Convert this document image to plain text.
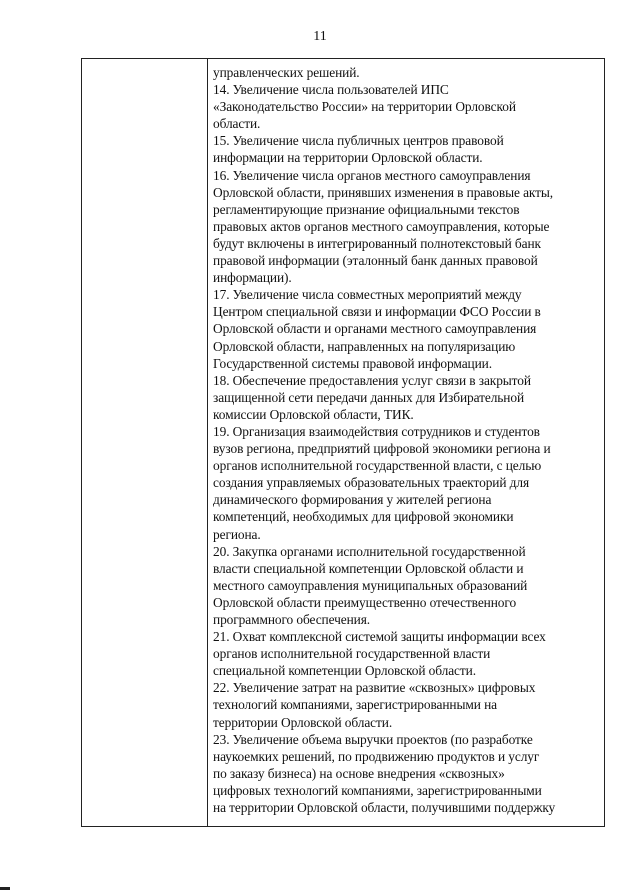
11

управленческих решений.

14. Увеличение числа пользователей ИПС
«Законодательство России» на территории Орловской
области.

15. Увеличение числа публичных центров правовой
информации на территории Орловской области.

16. Увеличение числа органов местного самоуправления
Орловской области, принявших изменения в правовые акты,
регламентирующие признание официальными текстов
правовых актов органов местного самоуправления, которые
будут включены в интегрированный полнотекстовый банк
правовой информации (эталонный банк данных правовой
информации).

17. Увеличение числа совместных мероприятий между
Центром специальной связи и информации ФСО России в
Орловской области и органами местного самоуправления
Орловской области, направленных на популяризацию
Государственной системы правовой информации.

18. Обеспечение предоставления услуг связи в закрытой
защищенной сети передачи данных для Избирательной
комиссии Орловской области, ТИК.

19. Организация взаимодействия сотрудников и студентов
вузов региона, предприятий цифровой экономики региона и
органов исполнительной государственной власти, с целью
создания управляемых образовательных траекторий для
динамического формирования у жителей региона
компетенций, необходимых для цифровой экономики
региона.

20. Закупка органами исполнительной государственной
власти специальной компетенции Орловской области и
местного самоуправления муниципальных образований
Орловской области преимущественно отечественного
программного обеспечения.

21. Охват комплексной системой защиты информации всех
органов исполнительной государственной власти
специальной компетенции Орловской области.

22. Увеличение затрат на развитие «сквозных» цифровых
технологий компаниями, зарегистрированными на
территории Орловской области.

23. Увеличение объема выручки проектов (по разработке
наукоемких решений, по продвижению продуктов и услуг
по заказу бизнеса) на основе внедрения «сквозных»
цифровых технологий компаниями, зарегистрированными
на территории Орловской области, получившими поддержку
